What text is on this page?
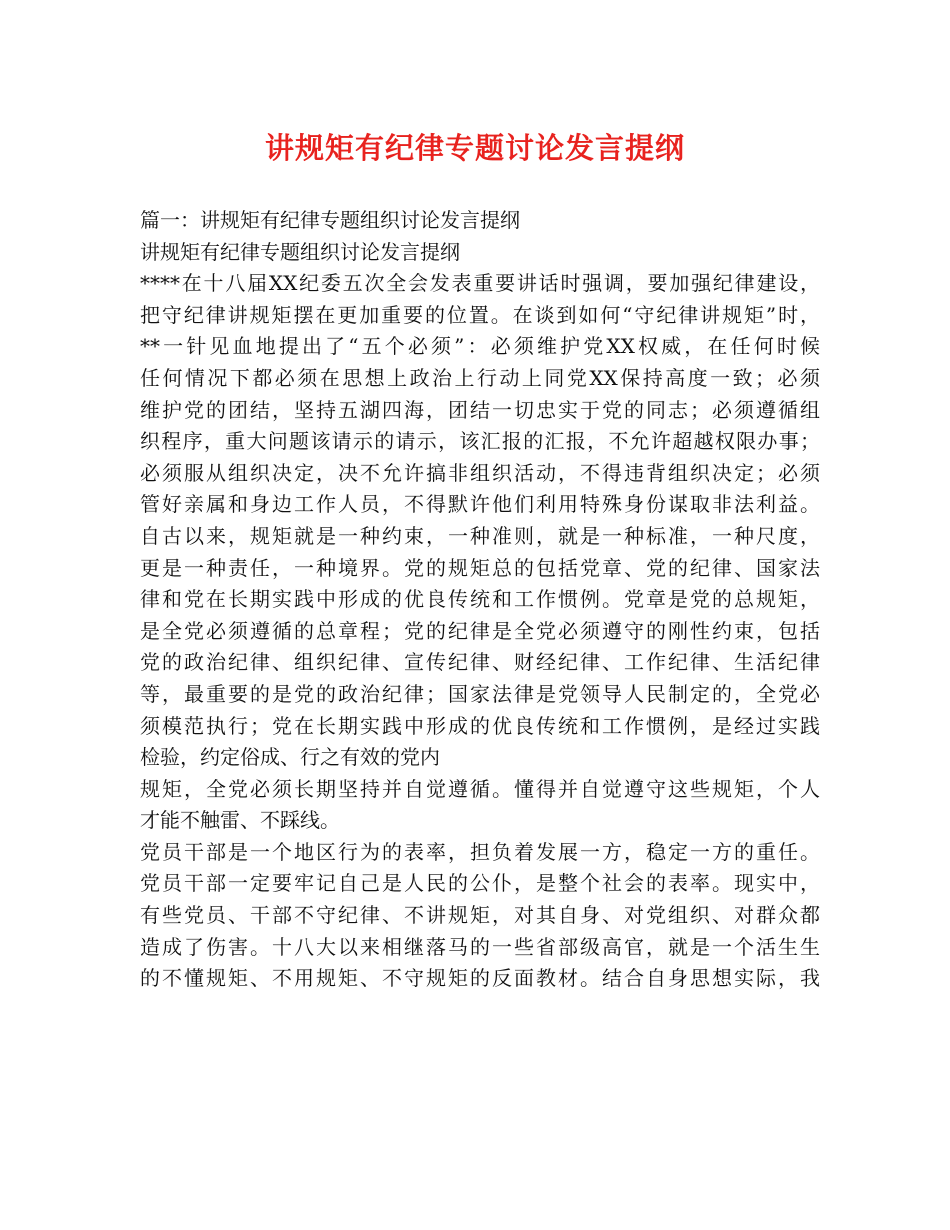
讲规矩有纪律专题讨论发言提纲
篇一：讲规矩有纪律专题组织讨论发言提纲
讲规矩有纪律专题组织讨论发言提纲
****在十八届XX纪委五次全会发表重要讲话时强调，要加强纪律建设，
把守纪律讲规矩摆在更加重要的位置。在谈到如何“守纪律讲规矩”时，
**一针见血地提出了“五个必须”：必须维护党XX权威，在任何时候
任何情况下都必须在思想上政治上行动上同党XX保持高度一致；必须
维护党的团结，坚持五湖四海，团结一切忠实于党的同志；必须遵循组
织程序，重大问题该请示的请示，该汇报的汇报，不允许超越权限办事；
必须服从组织决定，决不允许搞非组织活动，不得违背组织决定；必须
管好亲属和身边工作人员，不得默许他们利用特殊身份谋取非法利益。
自古以来，规矩就是一种约束，一种准则，就是一种标准，一种尺度，
更是一种责任，一种境界。党的规矩总的包括党章、党的纪律、国家法
律和党在长期实践中形成的优良传统和工作惯例。党章是党的总规矩，
是全党必须遵循的总章程；党的纪律是全党必须遵守的刚性约束，包括
党的政治纪律、组织纪律、宣传纪律、财经纪律、工作纪律、生活纪律
等，最重要的是党的政治纪律；国家法律是党领导人民制定的，全党必
须模范执行；党在长期实践中形成的优良传统和工作惯例，是经过实践
检验，约定俗成、行之有效的党内
规矩，全党必须长期坚持并自觉遵循。懂得并自觉遵守这些规矩，个人
才能不触雷、不踩线。
党员干部是一个地区行为的表率，担负着发展一方，稳定一方的重任。
党员干部一定要牢记自己是人民的公仆，是整个社会的表率。现实中，
有些党员、干部不守纪律、不讲规矩，对其自身、对党组织、对群众都
造成了伤害。十八大以来相继落马的一些省部级高官，就是一个活生生
的不懂规矩、不用规矩、不守规矩的反面教材。结合自身思想实际，我
